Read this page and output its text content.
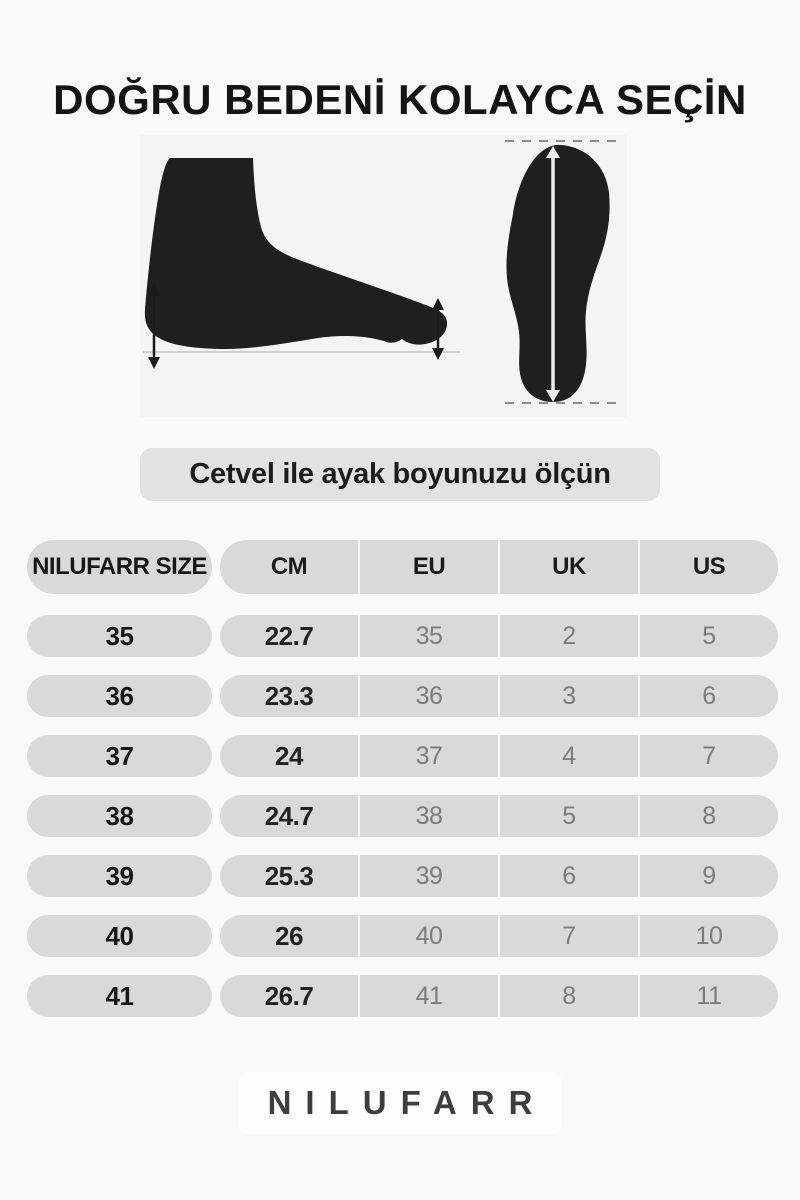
DOĞRU BEDENİ KOLAYCA SEÇİN
Cetvel ile ayak boyunuzu ölçün
NILUFARR SIZE	CM	EU	UK	US
35	22.7	35	2	5
36	23.3	36	3	6
37	24	37	4	7
38	24.7	38	5	8
39	25.3	39	6	9
40	26	40	7	10
41	26.7	41	8	11
NILUFARR
